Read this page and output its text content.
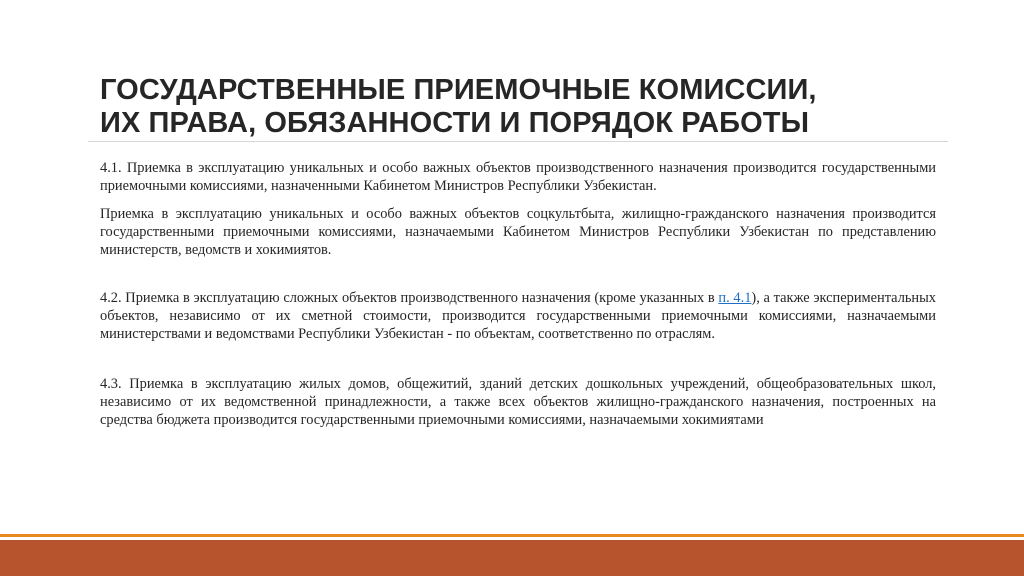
ГОСУДАРСТВЕННЫЕ ПРИЕМОЧНЫЕ КОМИССИИ,
ИХ ПРАВА, ОБЯЗАННОСТИ И ПОРЯДОК РАБОТЫ

4.1. Приемка в эксплуатацию уникальных и особо важных объектов производственного назначения производится государственными приемочными комиссиями, назначенными Кабинетом Министров Республики Узбекистан.

Приемка в эксплуатацию уникальных и особо важных объектов соцкультбыта, жилищно-гражданского назначения производится государственными приемочными комиссиями, назначаемыми Кабинетом Министров Республики Узбекистан по представлению министерств, ведомств и хокимиятов.

4.2. Приемка в эксплуатацию сложных объектов производственного назначения (кроме указанных в п. 4.1), а также экспериментальных объектов, независимо от их сметной стоимости, производится государственными приемочными комиссиями, назначаемыми министерствами и ведомствами Республики Узбекистан - по объектам, соответственно по отраслям.

4.3. Приемка в эксплуатацию жилых домов, общежитий, зданий детских дошкольных учреждений, общеобразовательных школ, независимо от их ведомственной принадлежности, а также всех объектов жилищно-гражданского назначения, построенных на средства бюджета производится государственными приемочными комиссиями, назначаемыми хокимиятами
